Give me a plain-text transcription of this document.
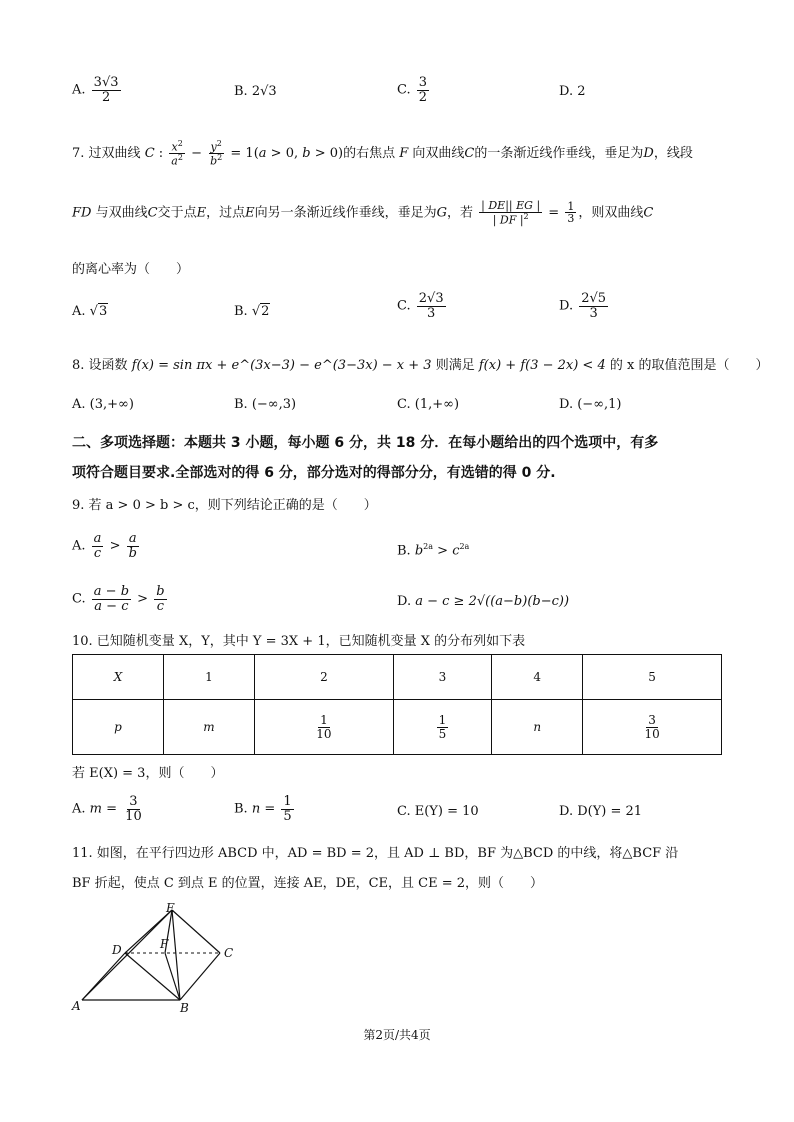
A. $\frac{3√3}{2}$	B. 2√3	C. $\frac{3}{2}$	D. 2
7. 过双曲线 C : $\frac{x^2}{a^2} - \frac{y^2}{b^2} = 1(a > 0$, b > 0)的右焦点 F 向双曲线C的一条渐近线作垂线，垂足为D，线段
FD 与双曲线C交于点E，过点E向另一条渐近线作垂线，垂足为G，若 $\frac{| DE|| EG |}{| DF |^2} = \frac{1}{3}$ ，则双曲线C
的离心率为（　　）
A. √3	B. √2	C. $\frac{2√3}{3}$	D. $\frac{2√5}{3}$
8. 设函数 f(x) = sin πx + e^(3x−3) − e^(3−3x) − x + 3 则满足 f(x) + f(3 − 2x) < 4 的 x 的取值范围是（　　）
A. (3,+∞)	B. (−∞,3)	C. (1,+∞)	D. (−∞,1)
二、多项选择题：本题共 3 小题，每小题 6 分，共 18 分．在每小题给出的四个选项中，有多
项符合题目要求.全部选对的得 6 分，部分选对的得部分分，有选错的得 0 分.
9. 若 a > 0 > b > c，则下列结论正确的是（　　）
A. $\frac{a}{c} > \frac{a}{b}$	B. $b^{2a} > c^{2a}$
C. $\frac{a - b}{a - c} > \frac{b}{c}$	D. a − c ≥ 2√((a−b)(b−c))
10. 已知随机变量 X，Y，其中 Y = 3X + 1，已知随机变量 X 的分布列如下表
X	1	2	3	4	5
p	m	$\frac{1}{10}$	$\frac{1}{5}$	n	$\frac{3}{10}$
若 E(X) = 3，则（　　）
A. $m = \frac{3}{10}$	B. $n = \frac{1}{5}$	C. E(Y) = 10	D. D(Y) = 21
11. 如图，在平行四边形 ABCD 中，AD = BD = 2，且 AD ⊥ BD，BF 为△BCD 的中线，将△BCF 沿
BF 折起，使点 C 到点 E 的位置，连接 AE，DE，CE，且 CE = 2，则（　　）
E
D	F
C
A	B
第2页/共4页
